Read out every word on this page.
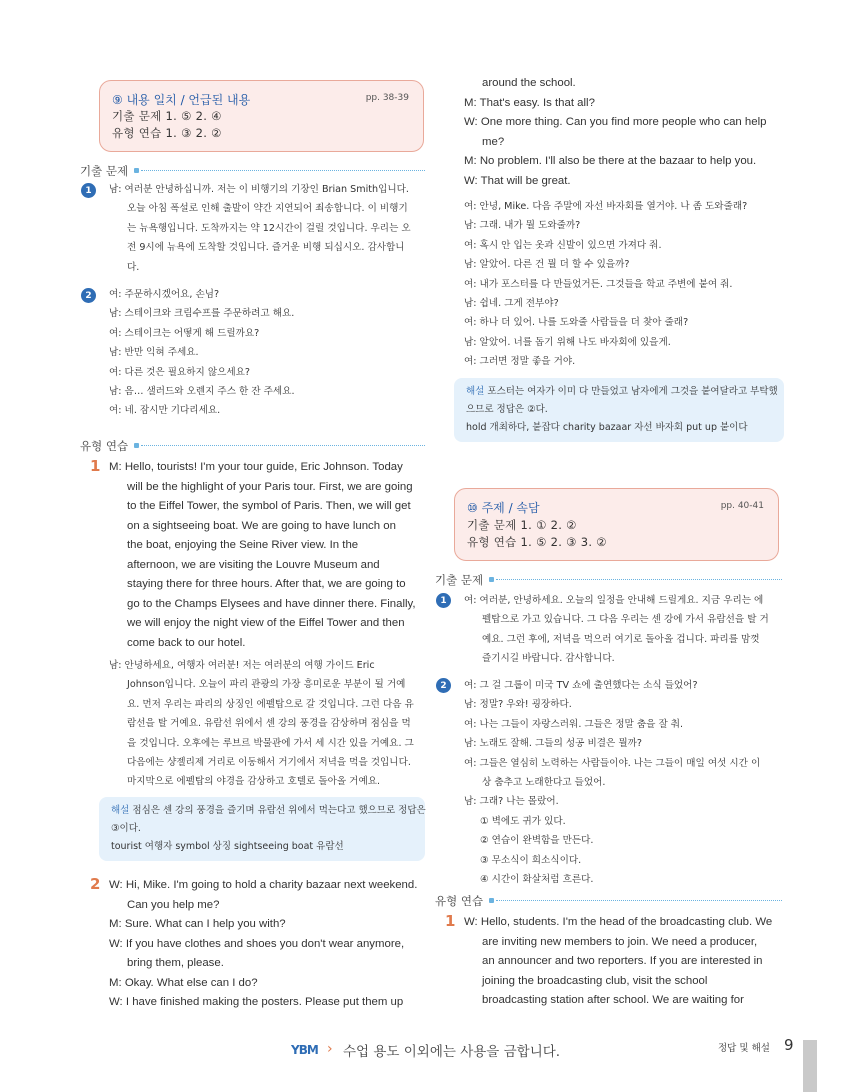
⑨ 내용 일치 / 언급된 내용	pp. 38-39
기출 문제 1. ⑤ 2. ④
유형 연습 1. ③ 2. ②
기출 문제
1	남: 여러분 안녕하십니까. 저는 이 비행기의 기장인 Brian Smith입니다.
오늘 아침 폭설로 인해 출발이 약간 지연되어 죄송합니다. 이 비행기
는 뉴욕행입니다. 도착까지는 약 12시간이 걸릴 것입니다. 우리는 오
전 9시에 뉴욕에 도착할 것입니다. 즐거운 비행 되십시오. 감사합니
다.
2	여: 주문하시겠어요, 손님?
남: 스테이크와 크림수프를 주문하려고 해요.
여: 스테이크는 어떻게 해 드릴까요?
남: 반만 익혀 주세요.
여: 다른 것은 필요하지 않으세요?
남: 음… 샐러드와 오렌지 주스 한 잔 주세요.
여: 네. 잠시만 기다리세요.
유형 연습
1 M: Hello, tourists! I'm your tour guide, Eric Johnson. Today
will be the highlight of your Paris tour. First, we are going
to the Eiffel Tower, the symbol of Paris. Then, we will get
on a sightseeing boat. We are going to have lunch on
the boat, enjoying the Seine River view. In the
afternoon, we are visiting the Louvre Museum and
staying there for three hours. After that, we are going to
go to the Champs Elysees and have dinner there. Finally,
we will enjoy the night view of the Eiffel Tower and then
come back to our hotel.
남: 안녕하세요, 여행자 여러분! 저는 여러분의 여행 가이드 Eric
Johnson입니다. 오늘이 파리 관광의 가장 흥미로운 부분이 될 거예
요. 먼저 우리는 파리의 상징인 에펠탑으로 갈 것입니다. 그런 다음 유
람선을 탈 거예요. 유람선 위에서 센 강의 풍경을 감상하며 점심을 먹
을 것입니다. 오후에는 루브르 박물관에 가서 세 시간 있을 거예요. 그
다음에는 샹젤리제 거리로 이동해서 거기에서 저녁을 먹을 것입니다.
마지막으로 에펠탑의 야경을 감상하고 호텔로 돌아올 거예요.
해설 점심은 센 강의 풍경을 즐기며 유람선 위에서 먹는다고 했으므로 정답은
③이다.
tourist 여행자 symbol 상징 sightseeing boat 유람선
2 W: Hi, Mike. I'm going to hold a charity bazaar next weekend.
Can you help me?
M: Sure. What can I help you with?
W: If you have clothes and shoes you don't wear anymore,
bring them, please.
M: Okay. What else can I do?
W: I have finished making the posters. Please put them up
around the school.
M: That's easy. Is that all?
W: One more thing. Can you find more people who can help
me?
M: No problem. I'll also be there at the bazaar to help you.
W: That will be great.
여: 안녕, Mike. 다음 주말에 자선 바자회를 열거야. 나 좀 도와줄래?
남: 그래. 내가 뭘 도와줄까?
여: 혹시 안 입는 옷과 신발이 있으면 가져다 줘.
남: 알았어. 다른 건 뭘 더 할 수 있을까?
여: 내가 포스터를 다 만들었거든. 그것들을 학교 주변에 붙여 줘.
남: 쉽네. 그게 전부야?
여: 하나 더 있어. 나를 도와줄 사람들을 더 찾아 줄래?
남: 알았어. 너를 돕기 위해 나도 바자회에 있을게.
여: 그러면 정말 좋을 거야.
해설 포스터는 여자가 이미 다 만들었고 남자에게 그것을 붙여달라고 부탁했
으므로 정답은 ②다.
hold 개최하다, 붙잡다 charity bazaar 자선 바자회 put up 붙이다
⑩ 주제 / 속담	pp. 40-41
기출 문제 1. ① 2. ②
유형 연습 1. ⑤ 2. ③ 3. ②
기출 문제
1	여: 여러분, 안녕하세요. 오늘의 일정을 안내해 드릴게요. 지금 우리는 에
펠탑으로 가고 있습니다. 그 다음 우리는 센 강에 가서 유람선을 탈 거
예요. 그런 후에, 저녁을 먹으러 여기로 돌아올 겁니다. 파리를 맘껏
즐기시길 바랍니다. 감사합니다.
2	여: 그 걸 그룹이 미국 TV 쇼에 출연했다는 소식 들었어?
남: 정말? 우와! 굉장하다.
여: 나는 그들이 자랑스러워. 그들은 정말 춤을 잘 춰.
남: 노래도 잘해. 그들의 성공 비결은 뭘까?
여: 그들은 열심히 노력하는 사람들이야. 나는 그들이 매일 여섯 시간 이
상 춤추고 노래한다고 들었어.
남: 그래? 나는 몰랐어.
① 벽에도 귀가 있다.
② 연습이 완벽함을 만든다.
③ 무소식이 희소식이다.
④ 시간이 화살처럼 흐른다.
유형 연습
1 W: Hello, students. I'm the head of the broadcasting club. We
are inviting new members to join. We need a producer,
an announcer and two reporters. If you are interested in
joining the broadcasting club, visit the school
broadcasting station after school. We are waiting for
YBM › 수업 용도 이외에는 사용을 금합니다.	정답 및 해설 9
